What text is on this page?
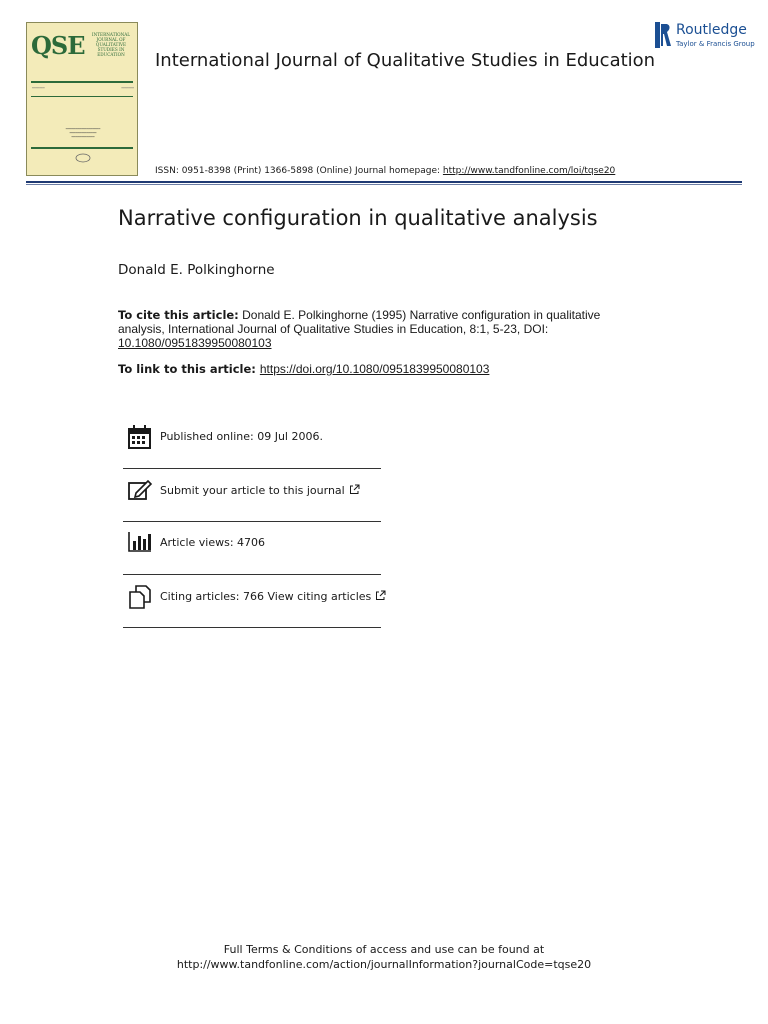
QSE	INTERNATIONAL JOURNAL OF QUALITATIVE STUDIES IN EDUCATION
━━━━━━━	━━━━━━━
━━━━━━━━━━━━━━━━━━
━━━━━━━━━━━━━━
━━━━━━━━━━━━
International Journal of Qualitative Studies in Education
Routledge
Taylor & Francis Group
ISSN: 0951-8398 (Print) 1366-5898 (Online) Journal homepage: http://www.tandfonline.com/loi/tqse20
Narrative configuration in qualitative analysis
Donald E. Polkinghorne
To cite this article: Donald E. Polkinghorne (1995) Narrative configuration in qualitative analysis, International Journal of Qualitative Studies in Education, 8:1, 5-23, DOI: 10.1080/0951839950080103
To link to this article: https://doi.org/10.1080/0951839950080103
Published online: 09 Jul 2006.
Submit your article to this journal
Article views: 4706
Citing articles: 766 View citing articles
Full Terms & Conditions of access and use can be found at
http://www.tandfonline.com/action/journalInformation?journalCode=tqse20
